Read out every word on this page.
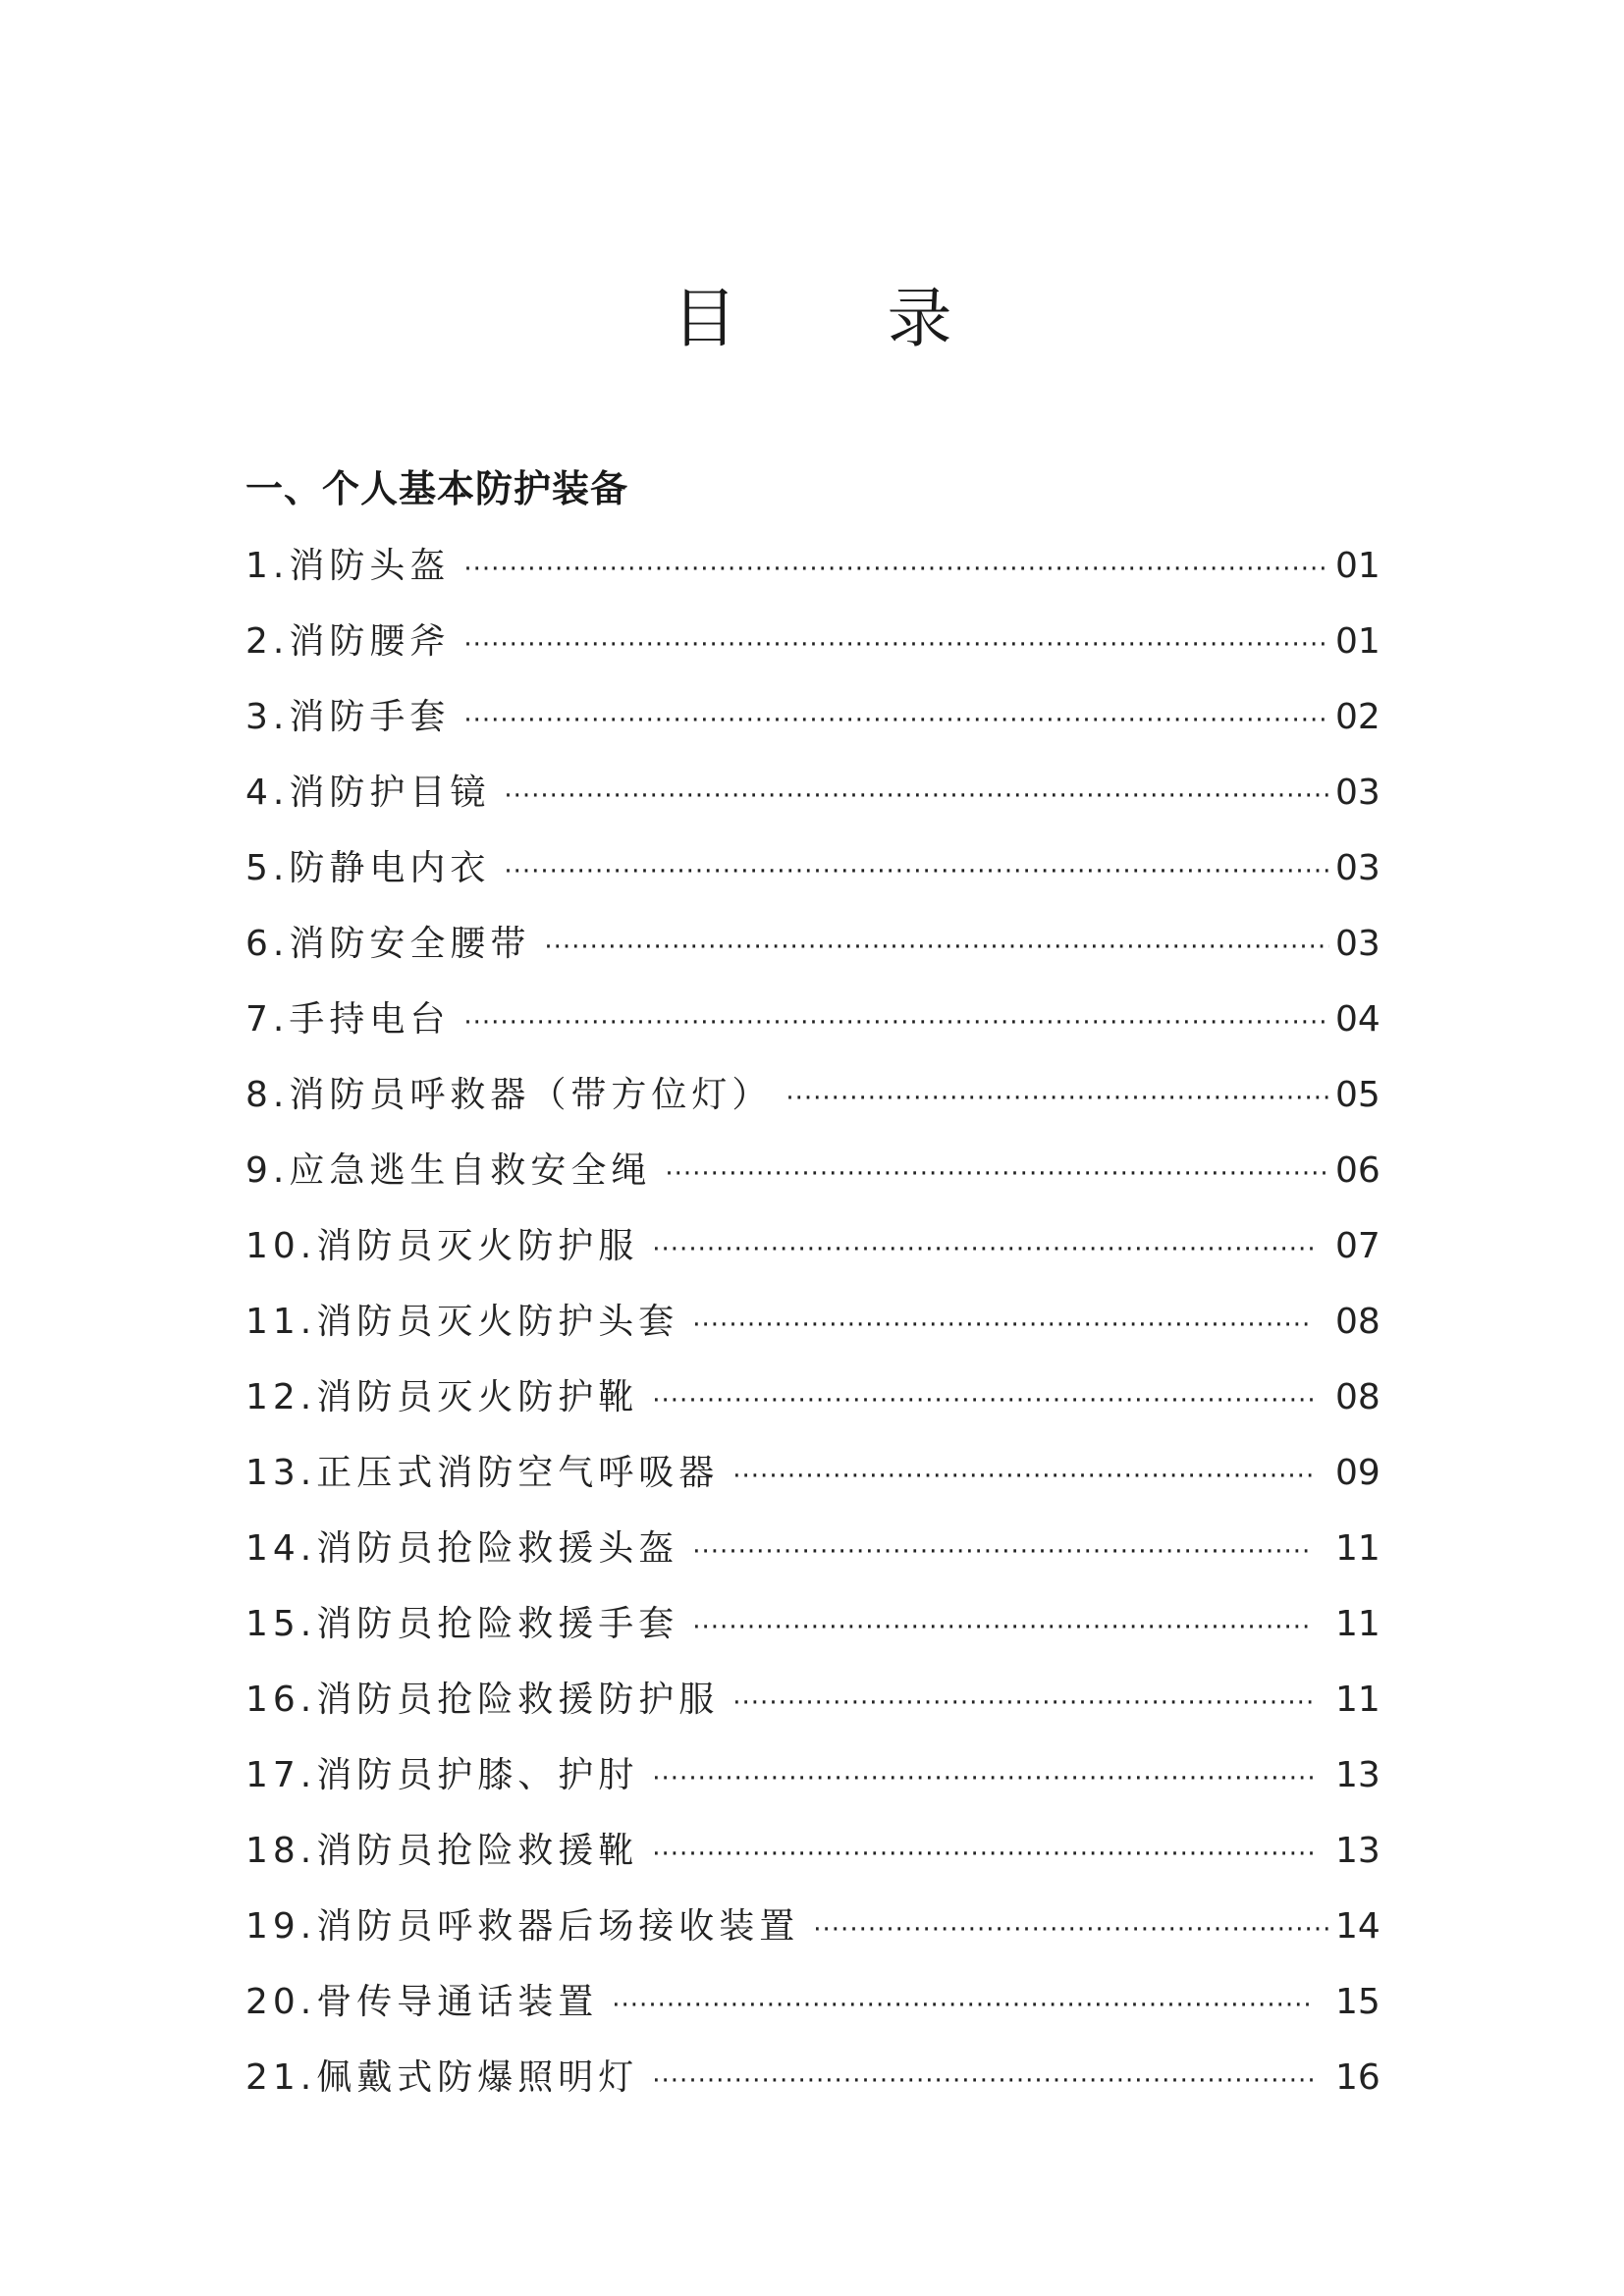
目 录
一、个人基本防护装备
1.消防头盔 ·····	01
2.消防腰斧 ·····	01
3.消防手套 ·····	02
4.消防护目镜 ·····	03
5.防静电内衣 ·····	03
6.消防安全腰带 ·····	03
7.手持电台 ·····	04
8.消防员呼救器（带方位灯） ·····	05
9.应急逃生自救安全绳 ·····	06
10.消防员灭火防护服 ·····	07
11.消防员灭火防护头套 ·····	08
12.消防员灭火防护靴 ·····	08
13.正压式消防空气呼吸器 ·····	09
14.消防员抢险救援头盔 ·····	11
15.消防员抢险救援手套 ·····	11
16.消防员抢险救援防护服 ·····	11
17.消防员护膝、护肘 ·····	13
18.消防员抢险救援靴 ·····	13
19.消防员呼救器后场接收装置 ·····	14
20.骨传导通话装置 ·····	15
21.佩戴式防爆照明灯 ·····	16
